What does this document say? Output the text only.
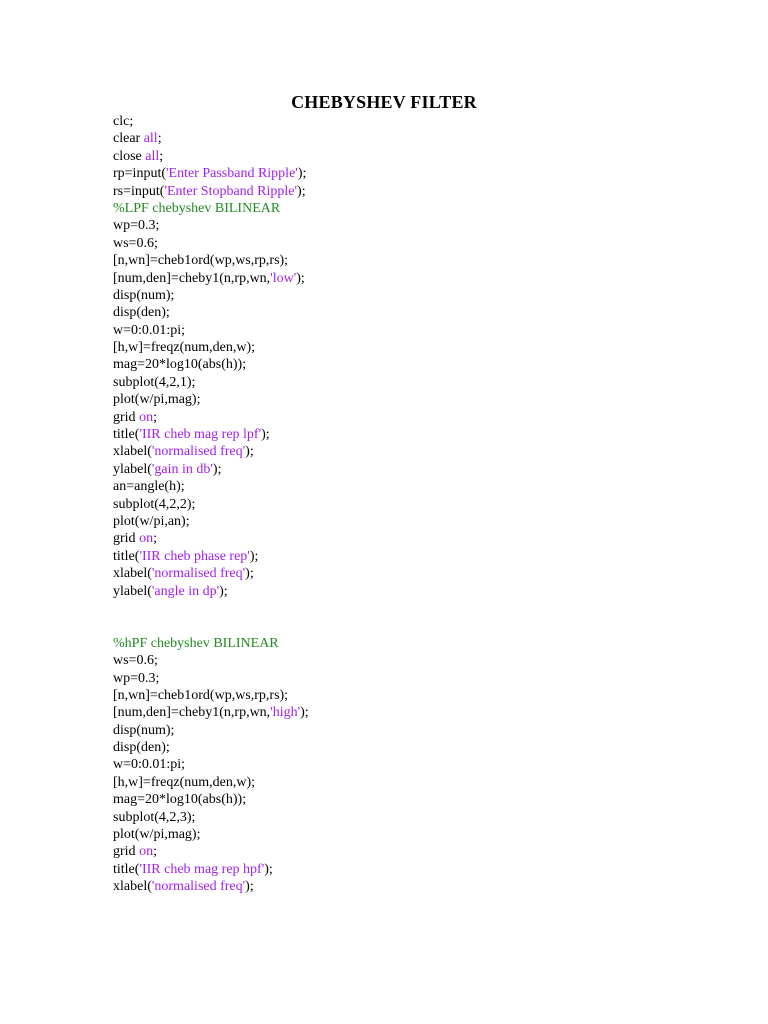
CHEBYSHEV FILTER
clc;
clear all;
close all;
rp=input('Enter Passband Ripple');
rs=input('Enter Stopband Ripple');
%LPF chebyshev BILINEAR
wp=0.3;
ws=0.6;
[n,wn]=cheb1ord(wp,ws,rp,rs);
[num,den]=cheby1(n,rp,wn,'low');
disp(num);
disp(den);
w=0:0.01:pi;
[h,w]=freqz(num,den,w);
mag=20*log10(abs(h));
subplot(4,2,1);
plot(w/pi,mag);
grid on;
title('IIR cheb mag rep lpf');
xlabel('normalised freq');
ylabel('gain in db');
an=angle(h);
subplot(4,2,2);
plot(w/pi,an);
grid on;
title('IIR cheb phase rep');
xlabel('normalised freq');
ylabel('angle in dp');
%hPF chebyshev BILINEAR
ws=0.6;
wp=0.3;
[n,wn]=cheb1ord(wp,ws,rp,rs);
[num,den]=cheby1(n,rp,wn,'high');
disp(num);
disp(den);
w=0:0.01:pi;
[h,w]=freqz(num,den,w);
mag=20*log10(abs(h));
subplot(4,2,3);
plot(w/pi,mag);
grid on;
title('IIR cheb mag rep hpf');
xlabel('normalised freq');
